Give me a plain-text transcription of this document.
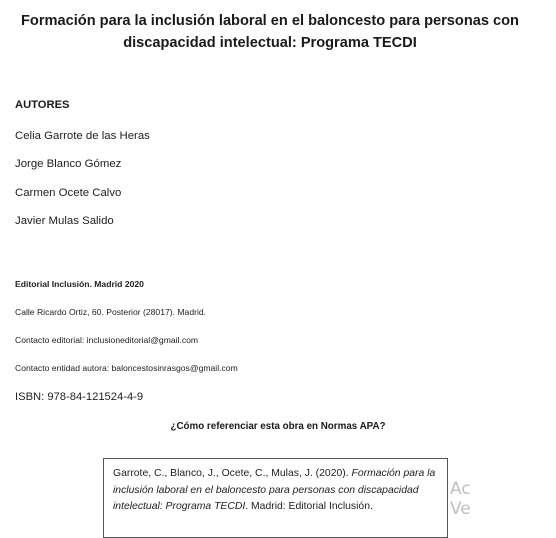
Formación para la inclusión laboral en el baloncesto para personas con
discapacidad intelectual: Programa TECDI
AUTORES
Celia Garrote de las Heras
Jorge Blanco Gómez
Carmen Ocete Calvo
Javier Mulas Salido
Editorial Inclusión. Madrid 2020
Calle Ricardo Ortiz, 60. Posterior (28017). Madrid.
Contacto editorial: inclusioneditorial@gmail.com
Contacto entidad autora: baloncestosinrasgos@gmail.com
ISBN: 978-84-121524-4-9
¿Cómo referenciar esta obra en Normas APA?
Garrote, C., Blanco, J., Ocete, C., Mulas, J. (2020). Formación para la inclusión laboral en el baloncesto para personas con discapacidad intelectual: Programa TECDI. Madrid: Editorial Inclusión.
Ac
Ve
